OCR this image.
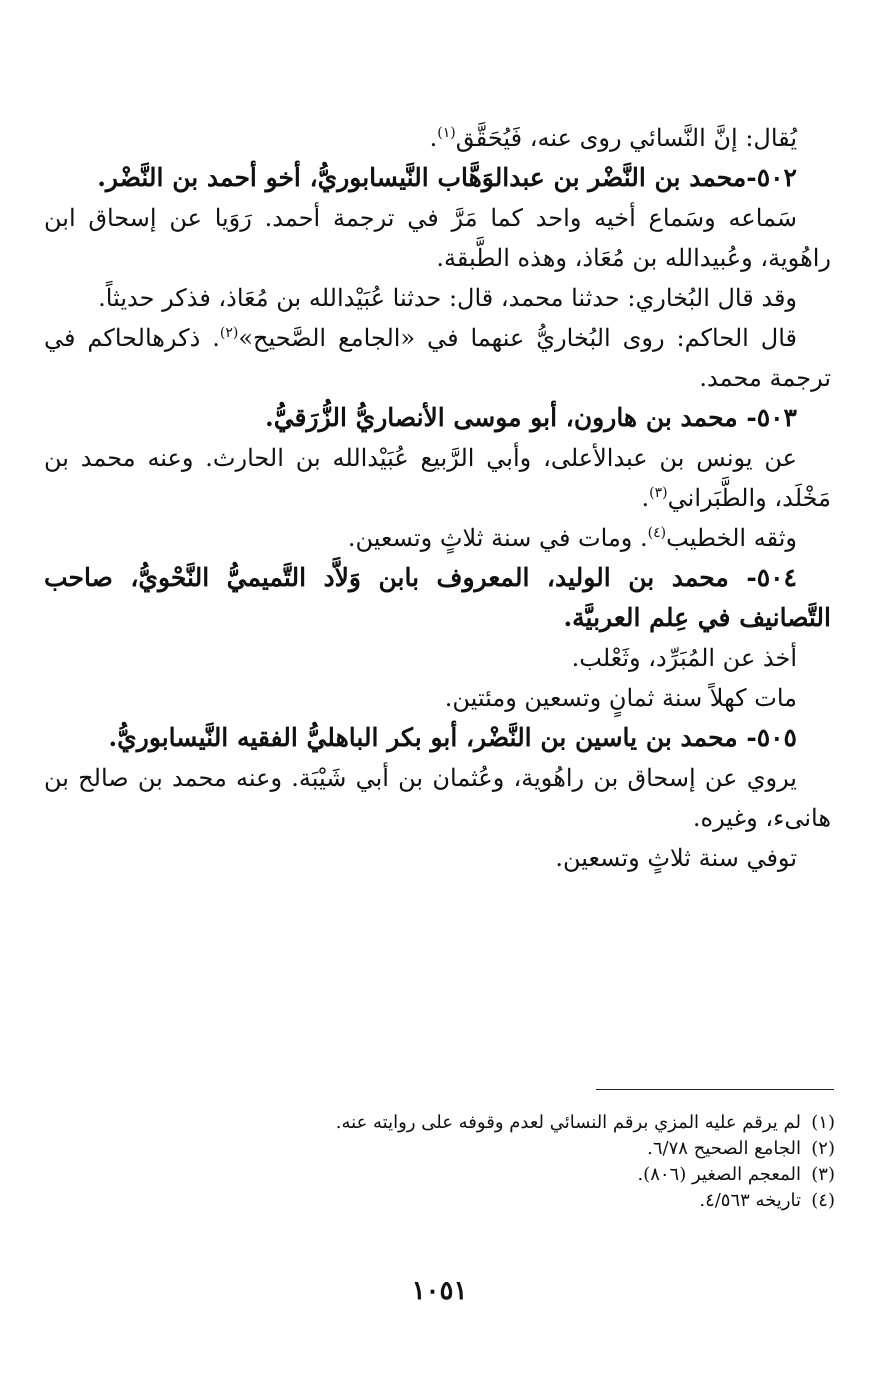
يُقال: إنَّ النَّسائي روى عنه، فَيُحَقَّق$^{(١)}$.

٥٠٢-محمد بن النَّضْر بن عبدالوَهَّاب النَّيسابوريُّ، أخو أحمد بن النَّضْر.

سَماعه وسَماع أخيه واحد كما مَرَّ في ترجمة أحمد. رَوَيا عن إسحاق ابن راهُوية، وعُبيدالله بن مُعَاذ، وهذه الطَّبقة.

وقد قال البُخاري: حدثنا محمد، قال: حدثنا عُبَيْدالله بن مُعَاذ، فذكر حديثاً.

قال الحاكم: روى البُخاريُّ عنهما في «الجامع الصَّحيح»$^{(٢)}$. ذكرهالحاكم في ترجمة محمد.

٥٠٣- محمد بن هارون، أبو موسى الأنصاريُّ الزُّرَقيُّ.

عن يونس بن عبدالأعلى، وأبي الرَّبيع عُبَيْدالله بن الحارث. وعنه محمد بن مَخْلَد، والطَّبَراني$^{(٣)}$.

وثقه الخطيب$^{(٤)}$. ومات في سنة ثلاثٍ وتسعين.

٥٠٤- محمد بن الوليد، المعروف بابن وَلاَّد التَّميميُّ النَّحْويُّ، صاحب التَّصانيف في عِلم العربيَّة.

أخذ عن المُبَرِّد، وثَعْلب.

مات كهلاً سنة ثمانٍ وتسعين ومئتين.

٥٠٥- محمد بن ياسين بن النَّضْر، أبو بكر الباهليُّ الفقيه النَّيسابوريُّ.

يروي عن إسحاق بن راهُوية، وعُثمان بن أبي شَيْبَة. وعنه محمد بن صالح بن هانىء، وغيره.

توفي سنة ثلاثٍ وتسعين.

(١)لم يرقم عليه المزي برقم النسائي لعدم وقوفه على روايته عنه.

(٢)الجامع الصحيح ٦/٧٨.

(٣)المعجم الصغير (٨٠٦).

(٤)تاريخه ٤/٥٦٣.

١٠٥١
